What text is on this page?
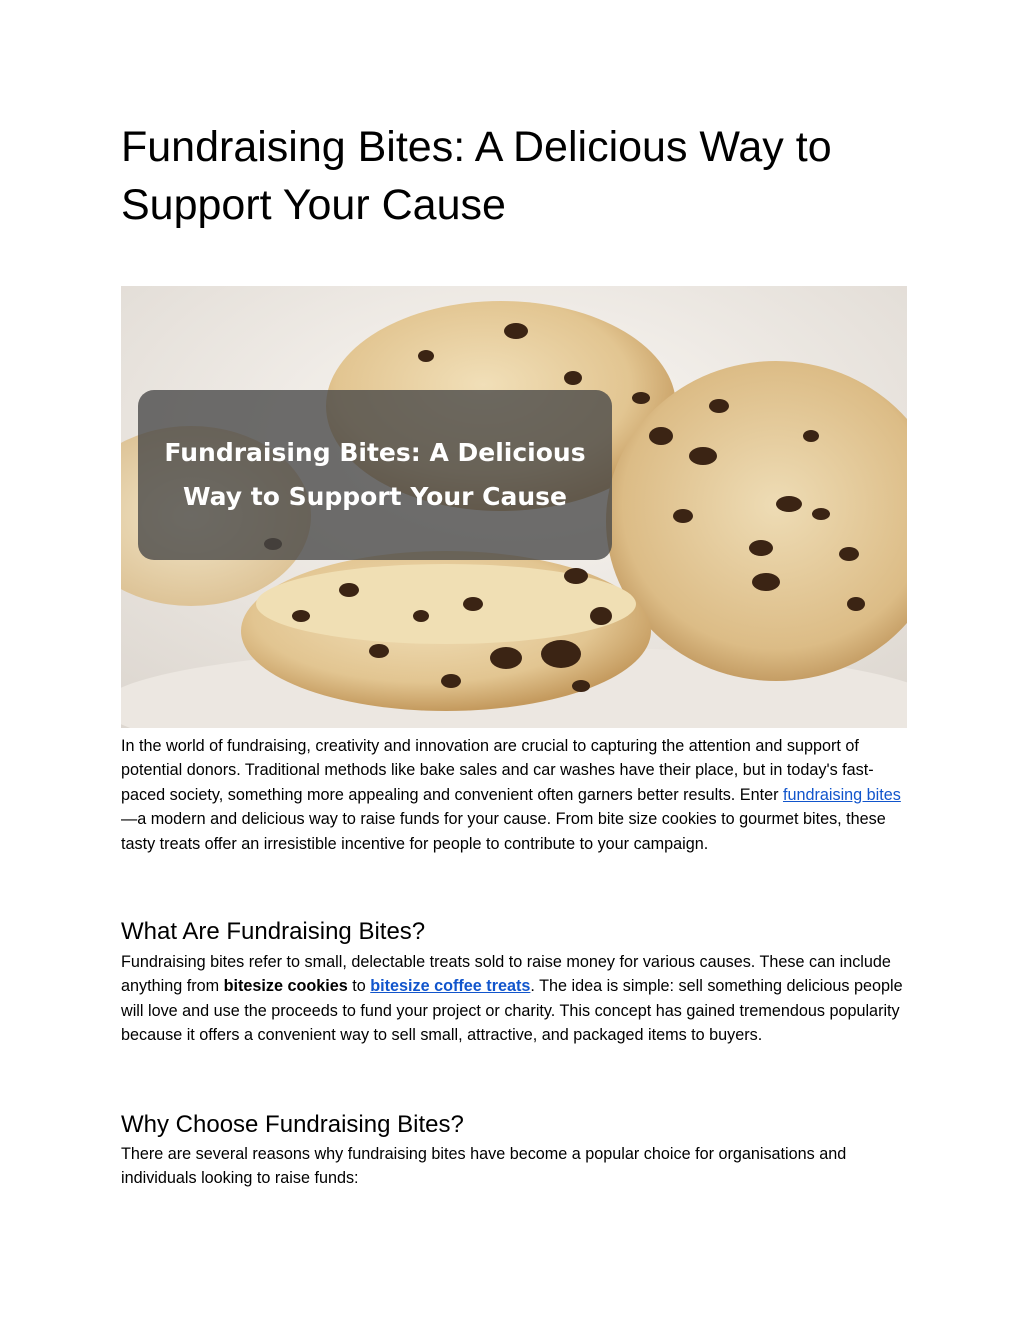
Fundraising Bites: A Delicious Way to Support Your Cause
Fundraising Bites: A Delicious Way to Support Your Cause

In the world of fundraising, creativity and innovation are crucial to capturing the attention and support of potential donors. Traditional methods like bake sales and car washes have their place, but in today's fast-paced society, something more appealing and convenient often garners better results. Enter fundraising bites—a modern and delicious way to raise funds for your cause. From bite size cookies to gourmet bites, these tasty treats offer an irresistible incentive for people to contribute to your campaign.

What Are Fundraising Bites?

Fundraising bites refer to small, delectable treats sold to raise money for various causes. These can include anything from bitesize cookies to bitesize coffee treats. The idea is simple: sell something delicious people will love and use the proceeds to fund your project or charity. This concept has gained tremendous popularity because it offers a convenient way to sell small, attractive, and packaged items to buyers.

Why Choose Fundraising Bites?

There are several reasons why fundraising bites have become a popular choice for organisations and individuals looking to raise funds:
